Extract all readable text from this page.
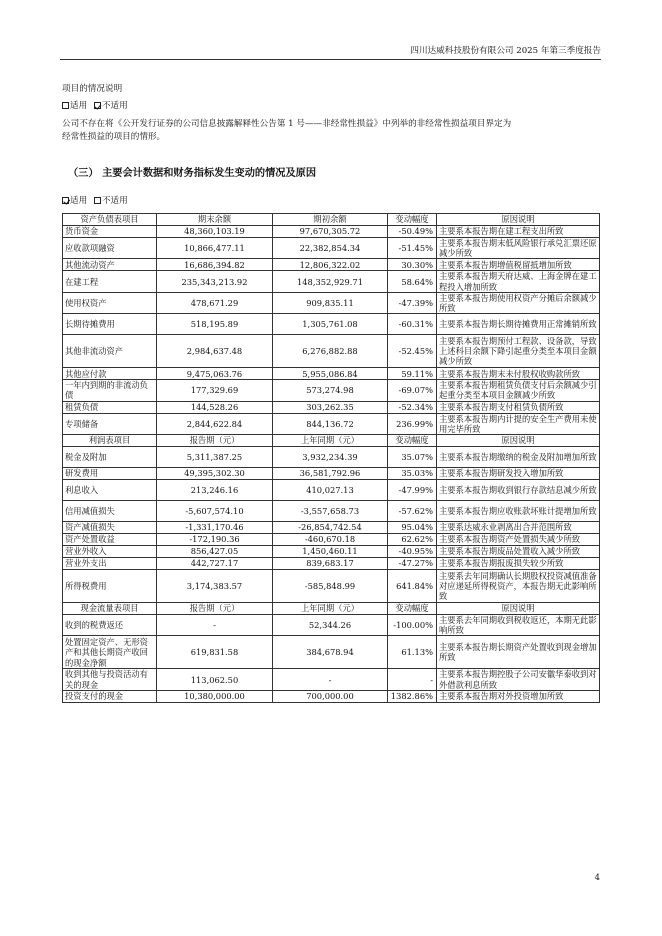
四川达威科技股份有限公司 2025 年第三季度报告
项目的情况说明
适用 不适用
公司不存在将《公开发行证券的公司信息披露解释性公告第 1 号——非经常性损益》中列举的非经常性损益项目界定为
经常性损益的项目的情形。
（三） 主要会计数据和财务指标发生变动的情况及原因
适用 不适用
资产负债表项目	期末余额	期初余额	变动幅度	原因说明
货币资金	48,360,103.19	97,670,305.72	-50.49%	主要系本报告期在建工程支出所致
应收款项融资	10,866,477.11	22,382,854.34	-51.45%	主要系本报告期末低风险银行承兑汇票还原减少所致
其他流动资产	16,686,394.82	12,806,322.02	30.30%	主要系本报告期增值税留抵增加所致
在建工程	235,343,213.92	148,352,929.71	58.64%	主要系本报告期天府达威、上海金牌在建工程投入增加所致
使用权资产	478,671.29	909,835.11	-47.39%	主要系本报告期使用权资产分摊后余额减少所致
长期待摊费用	518,195.89	1,305,761.08	-60.31%	主要系本报告期长期待摊费用正常摊销所致
其他非流动资产	2,984,637.48	6,276,882.88	-52.45%	主要系本报告期预付工程款、设备款，导致上述科目余额下降引起重分类至本项目金额减少所致
其他应付款	9,475,063.76	5,955,086.84	59.11%	主要系本报告期末未付股权收购款所致
一年内到期的非流动负债	177,329.69	573,274.98	-69.07%	主要系本报告期租赁负债支付后余额减少引起重分类至本项目金额减少所致
租赁负债	144,528.26	303,262.35	-52.34%	主要系本报告期支付租赁负债所致
专项储备	2,844,622.84	844,136.72	236.99%	主要系本报告期内计提的安全生产费用未使用完毕所致
利润表项目	报告期（元）	上年同期（元）	变动幅度	原因说明
税金及附加	5,311,387.25	3,932,234.39	35.07%	主要系本报告期缴纳的税金及附加增加所致
研发费用	49,395,302.30	36,581,792.96	35.03%	主要系本报告期研发投入增加所致
利息收入	213,246.16	410,027.13	-47.99%	主要系本报告期收到银行存款结息减少所致
信用减值损失	-5,607,574.10	-3,557,658.73	-57.62%	主要系本报告期应收账款坏账计提增加所致
资产减值损失	-1,331,170.46	-26,854,742.54	95.04%	主要系达威永业剥离出合并范围所致
资产处置收益	-172,190.36	-460,670.18	62.62%	主要系本报告期资产处置损失减少所致
营业外收入	856,427.05	1,450,460.11	-40.95%	主要系本报告期废品处置收入减少所致
营业外支出	442,727.17	839,683.17	-47.27%	主要系本报告期报废损失较少所致
所得税费用	3,174,383.57	-585,848.99	641.84%	主要系去年同期确认长期股权投资减值准备对应递延所得税资产，本报告期无此影响所致
现金流量表项目	报告期（元）	上年同期（元）	变动幅度	原因说明
收到的税费返还	-	52,344.26	-100.00%	主要系去年同期收到税收返还，本期无此影响所致
处置固定资产、无形资产和其他长期资产收回的现金净额	619,831.58	384,678.94	61.13%	主要系本报告期长期资产处置收到现金增加所致
收到其他与投资活动有关的现金	113,062.50	-	-	主要系本报告期控股子公司安徽华泰收到对外借款利息所致
投资支付的现金	10,380,000.00	700,000.00	1382.86%	主要系本报告期对外投资增加所致
4
